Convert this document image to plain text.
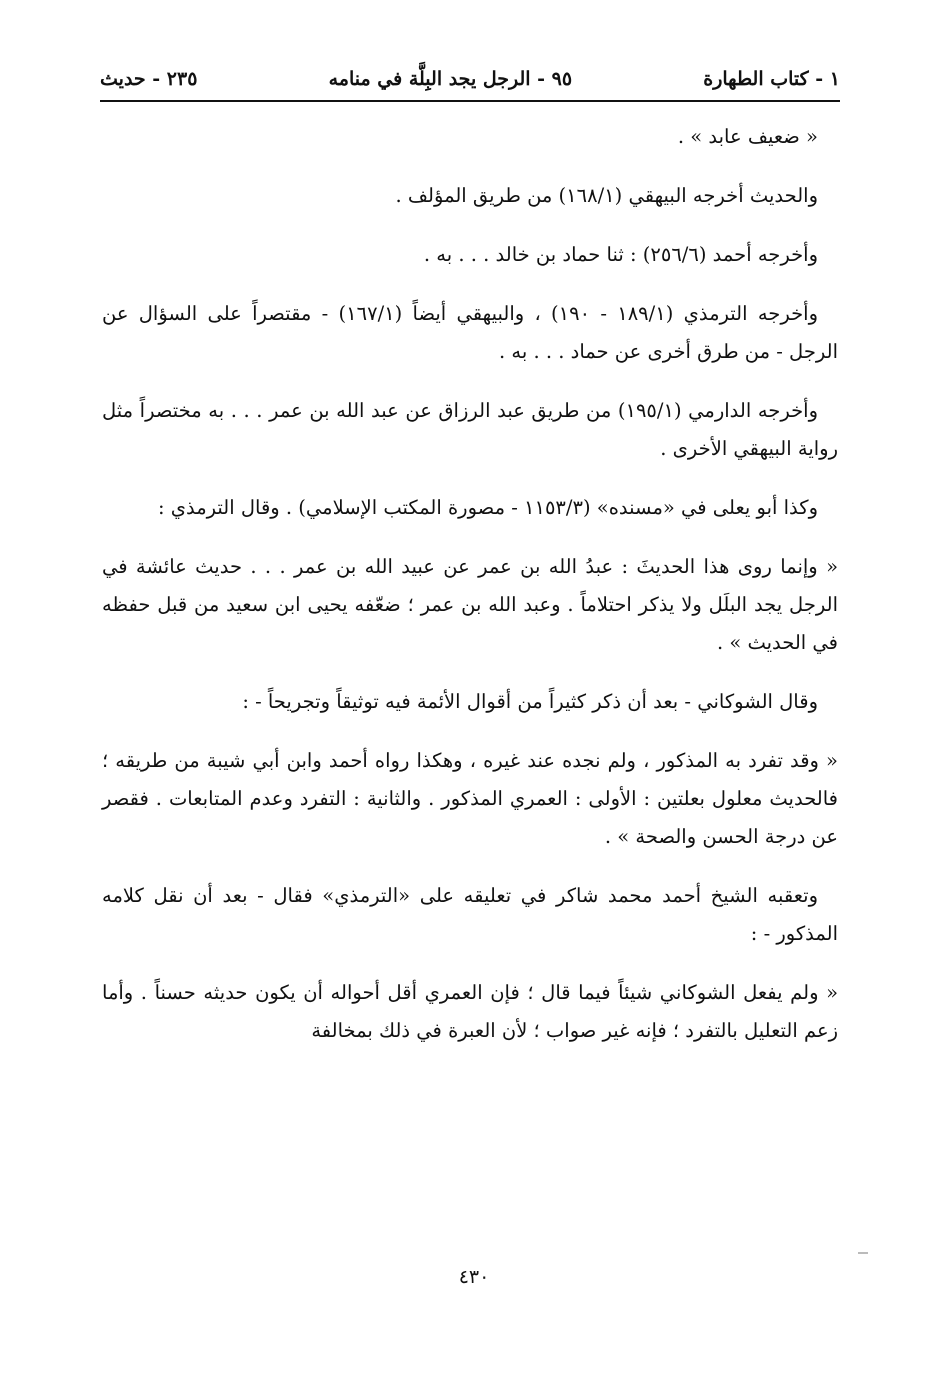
١ - كتاب الطهارة
٩٥ - الرجل يجد البِلَّة في منامه
٢٣٥ - حديث

« ضعيف عابد » .

والحديث أخرجه البيهقي (١٦٨/١) من طريق المؤلف .

وأخرجه أحمد (٢٥٦/٦) : ثنا حماد بن خالد . . . به .

وأخرجه الترمذي (١٨٩/١ - ١٩٠) ، والبيهقي أيضاً (١٦٧/١) - مقتصراً على السؤال عن الرجل - من طرق أخرى عن حماد . . . به .

وأخرجه الدارمي (١٩٥/١) من طريق عبد الرزاق عن عبد الله بن عمر . . . به مختصراً مثل رواية البيهقي الأخرى .

وكذا أبو يعلى في «مسنده» (١١٥٣/٣ - مصورة المكتب الإسلامي) . وقال الترمذي :

« وإنما روى هذا الحديثَ : عبدُ الله بن عمر عن عبيد الله بن عمر . . . حديث عائشة في الرجل يجد البلَل ولا يذكر احتلاماً . وعبد الله بن عمر ؛ ضعّفه يحيى ابن سعيد من قبل حفظه في الحديث » .

وقال الشوكاني - بعد أن ذكر كثيراً من أقوال الأئمة فيه توثيقاً وتجريحاً - :

« وقد تفرد به المذكور ، ولم نجده عند غيره ، وهكذا رواه أحمد وابن أبي شيبة من طريقه ؛ فالحديث معلول بعلتين : الأولى : العمري المذكور . والثانية : التفرد وعدم المتابعات . فقصر عن درجة الحسن والصحة » .

وتعقبه الشيخ أحمد محمد شاكر في تعليقه على «الترمذي» فقال - بعد أن نقل كلامه المذكور - :

« ولم يفعل الشوكاني شيئاً فيما قال ؛ فإن العمري أقل أحواله أن يكون حديثه حسناً . وأما زعم التعليل بالتفرد ؛ فإنه غير صواب ؛ لأن العبرة في ذلك بمخالفة

٤٣٠
